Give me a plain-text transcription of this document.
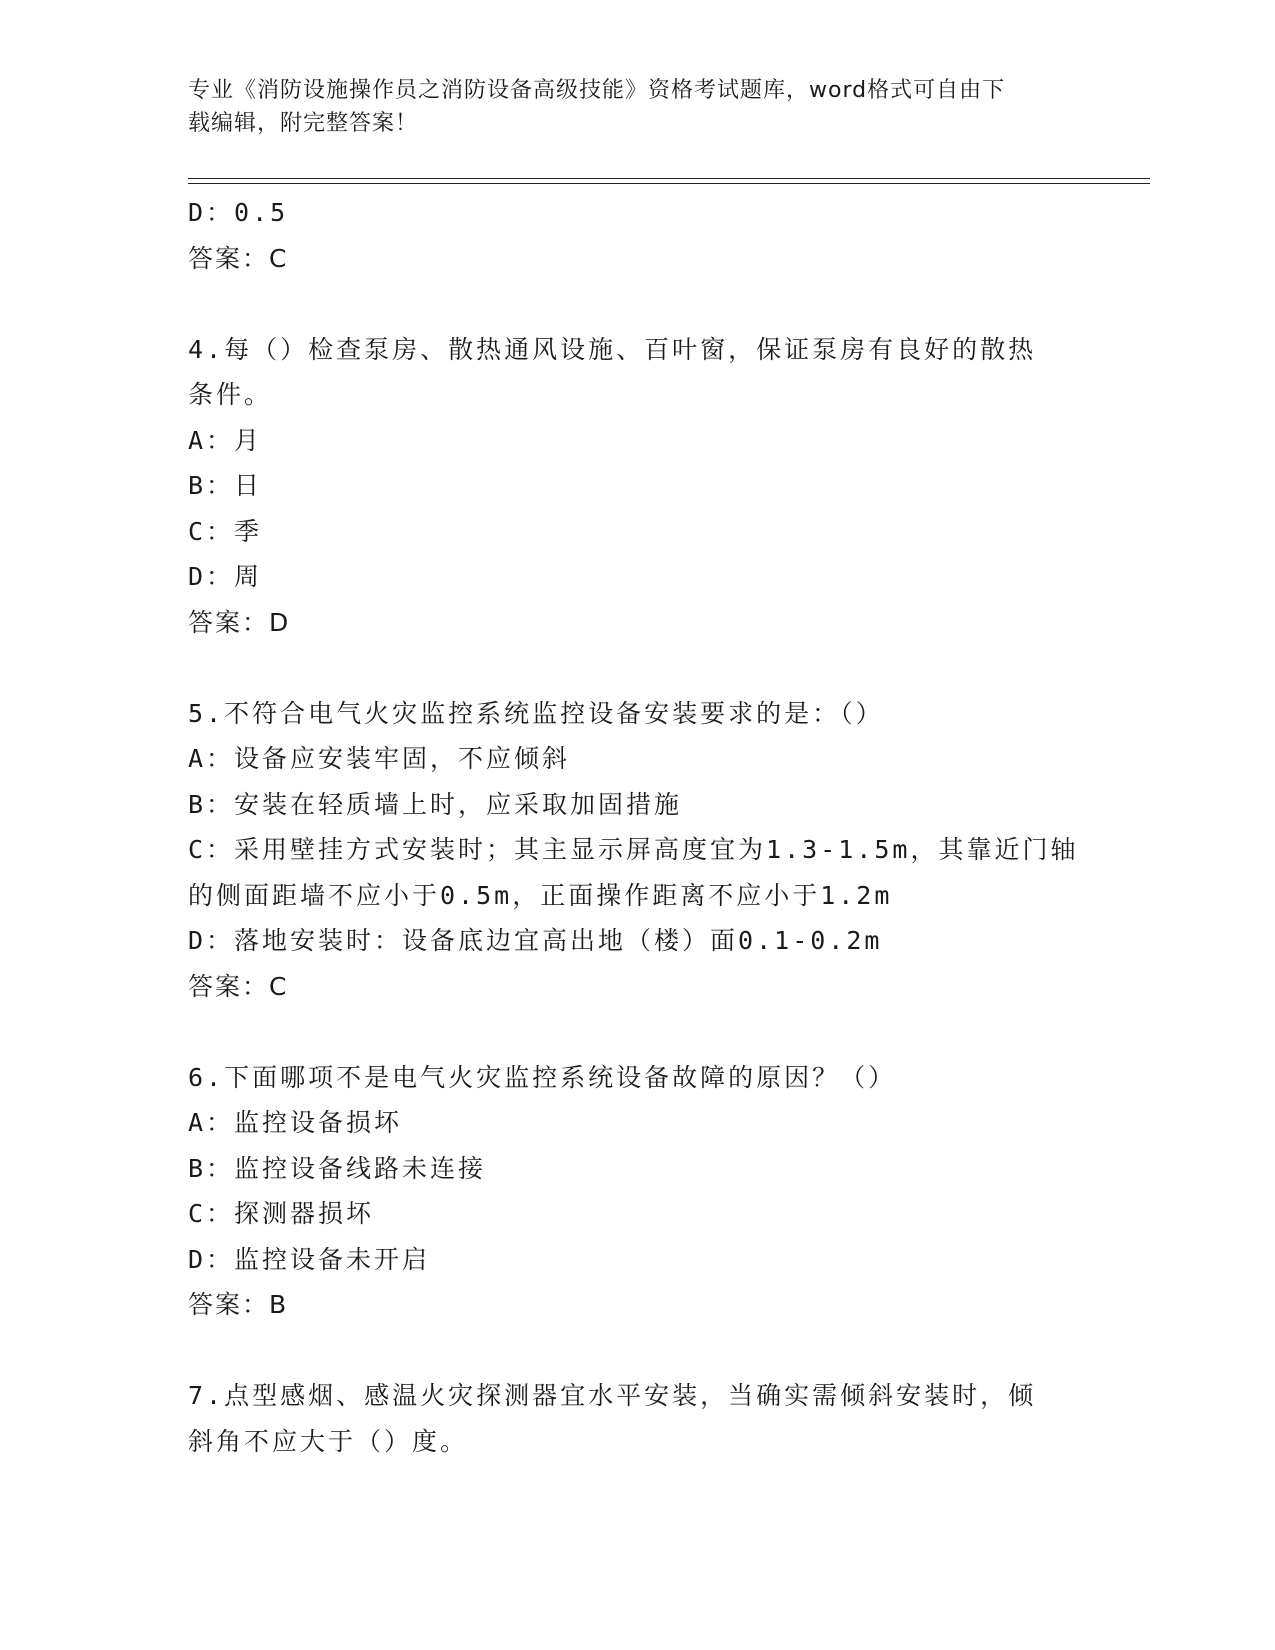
专业《消防设施操作员之消防设备高级技能》资格考试题库，word格式可自由下
载编辑，附完整答案！
D：0.5
答案：C
4.每（）检查泵房、散热通风设施、百叶窗，保证泵房有良好的散热
条件。
A：月
B：日
C：季
D：周
答案：D
5.不符合电气火灾监控系统监控设备安装要求的是：（）
A：设备应安装牢固，不应倾斜
B：安装在轻质墙上时，应采取加固措施
C：采用壁挂方式安装时；其主显示屏高度宜为1.3-1.5m，其靠近门轴
的侧面距墙不应小于0.5m，正面操作距离不应小于1.2m
D：落地安装时：设备底边宜高出地（楼）面0.1-0.2m
答案：C
6.下面哪项不是电气火灾监控系统设备故障的原因？（）
A：监控设备损坏
B：监控设备线路未连接
C：探测器损坏
D：监控设备未开启
答案：B
7.点型感烟、感温火灾探测器宜水平安装，当确实需倾斜安装时，倾
斜角不应大于（）度。
